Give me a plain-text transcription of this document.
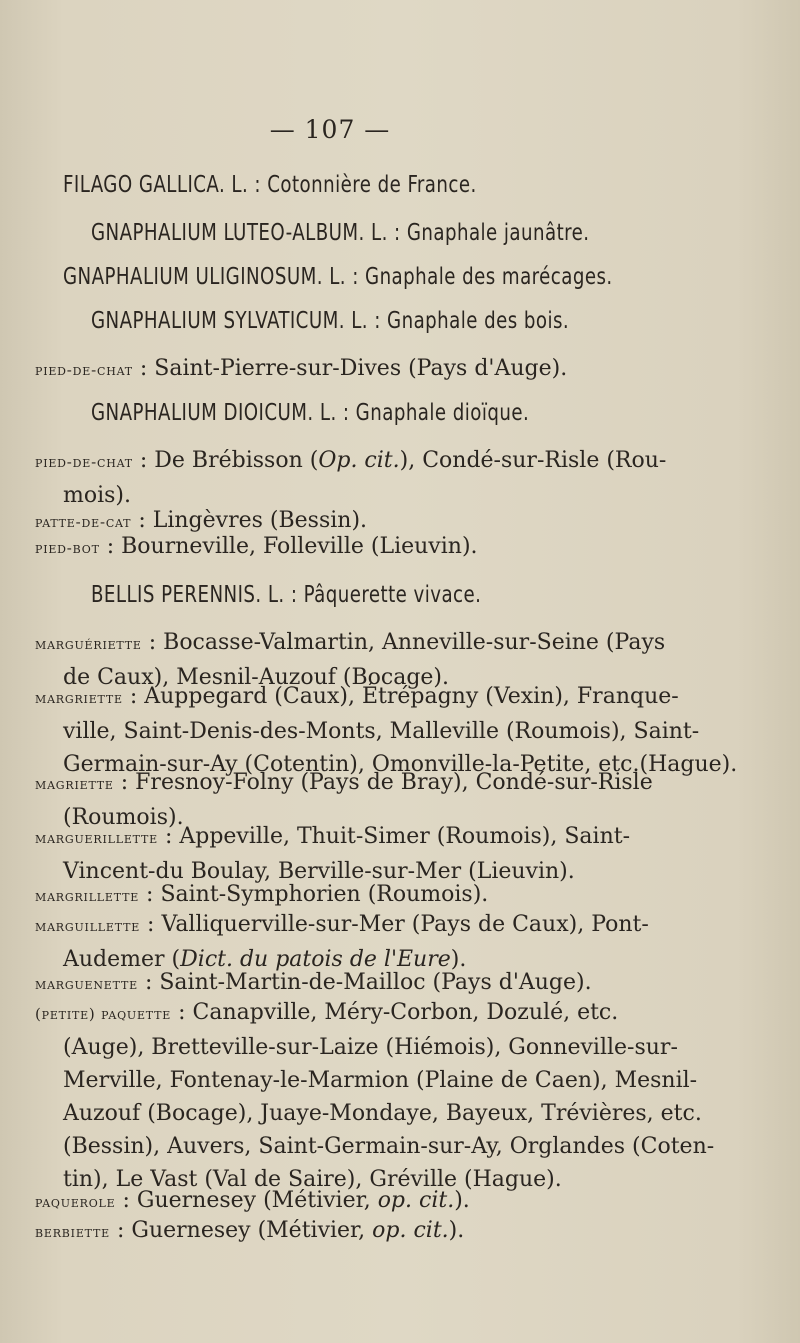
— 107 —
FILAGO GALLICA. L. : Cotonnière de France.
GNAPHALIUM LUTEO-ALBUM. L. : Gnaphale jaunâtre.
GNAPHALIUM ULIGINOSUM. L. : Gnaphale des marécages.
GNAPHALIUM SYLVATICUM. L. : Gnaphale des bois.
pied-de-chat : Saint-Pierre-sur-Dives (Pays d'Auge).
GNAPHALIUM DIOICUM. L. : Gnaphale dioïque.
pied-de-chat : De Brébisson (Op. cit.), Condé-sur-Risle (Rou-
mois).
patte-de-cat : Lingèvres (Bessin).
pied-bot : Bourneville, Folleville (Lieuvin).
BELLIS PERENNIS. L. : Pâquerette vivace.
marguériette : Bocasse-Valmartin, Anneville-sur-Seine (Pays
de Caux), Mesnil-Auzouf (Bocage).
margriette : Auppegard (Caux), Étrépagny (Vexin), Franque-
ville, Saint-Denis-des-Monts, Malleville (Roumois), Saint-
Germain-sur-Ay (Cotentin), Omonville-la-Petite, etc.(Hague).
magriette : Fresnoy-Folny (Pays de Bray), Condé-sur-Risle
(Roumois).
marguerillette : Appeville, Thuit-Simer (Roumois), Saint-
Vincent-du Boulay, Berville-sur-Mer (Lieuvin).
margrillette : Saint-Symphorien (Roumois).
marguillette : Valliquerville-sur-Mer (Pays de Caux), Pont-
Audemer (Dict. du patois de l'Eure).
marguenette : Saint-Martin-de-Mailloc (Pays d'Auge).
(petite) paquette : Canapville, Méry-Corbon, Dozulé, etc.
(Auge), Bretteville-sur-Laize (Hiémois), Gonneville-sur-
Merville, Fontenay-le-Marmion (Plaine de Caen), Mesnil-
Auzouf (Bocage), Juaye-Mondaye, Bayeux, Trévières, etc.
(Bessin), Auvers, Saint-Germain-sur-Ay, Orglandes (Coten-
tin), Le Vast (Val de Saire), Gréville (Hague).
paquerole : Guernesey (Métivier, op. cit.).
berbiette : Guernesey (Métivier, op. cit.).
